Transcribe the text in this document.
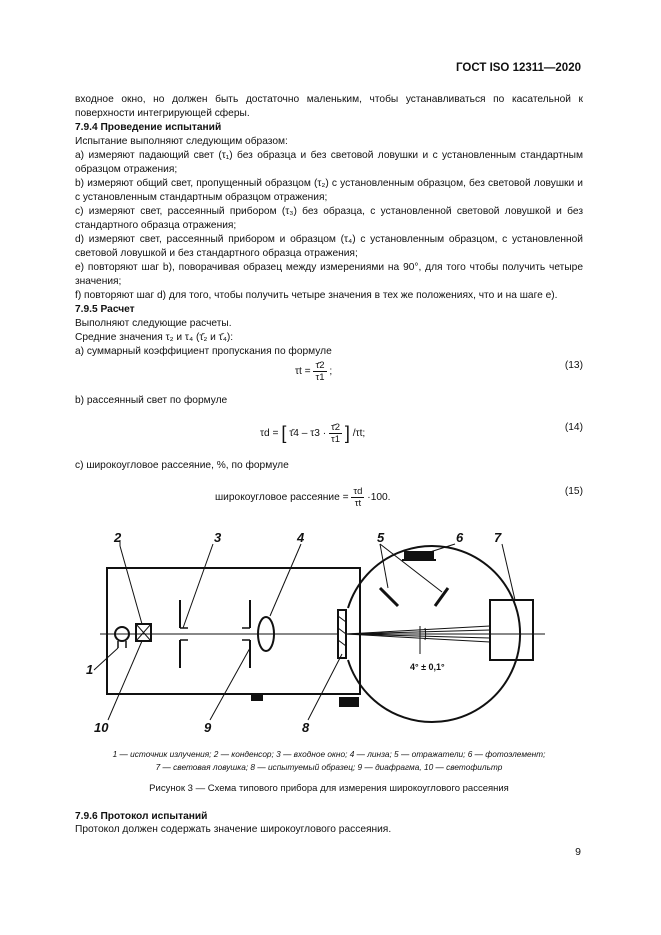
ГОСТ ISO 12311—2020

входное окно, но должен быть достаточно маленьким, чтобы устанавливаться по касательной к поверхности интегрирующей сферы.

7.9.4 Проведение испытаний

Испытание выполняют следующим образом:

а) измеряют падающий свет (τ₁) без образца и без световой ловушки и с установленным стандартным образцом отражения;

b) измеряют общий свет, пропущенный образцом (τ₂) с установленным образцом, без световой ловушки и с установленным стандартным образцом отражения;

c) измеряют свет, рассеянный прибором (τ₃) без образца, с установленной световой ловушкой и без стандартного образца отражения;

d) измеряют свет, рассеянный прибором и образцом (τ₄) с установленным образцом, с установленной световой ловушкой и без стандартного образца отражения;

е) повторяют шаг b), поворачивая образец между измерениями на 90°, для того чтобы получить четыре значения;

f) повторяют шаг d) для того, чтобы получить четыре значения в тех же положениях, что и на шаге е).

7.9.5 Расчет

Выполняют следующие расчеты.

Средние значения τ₂ и τ₄ (τ̄₂ и τ̄₄):

а) суммарный коэффициент пропускания по формуле

$\tau t = \frac{\taū2}{\tau 1}$ ;
(13)
b) рассеянный свет по формуле
τd = [ τ̄4 – $\tau 3 \cdot \frac{\taū2}{\tau 1}$ ] /τt;
(14)
c) широкоугловое рассеяние, %, по формуле
широкоугловое рассеяние = $\frac{\tau d}{\tau t} \cdot 100$.
(15)
2	3	4	5	6 7
1
10	9	8
4° ± 0,1°
1 — источник излучения; 2 — конденсор; 3 — входное окно; 4 — линза; 5 — отражатели; 6 — фотоэлемент;
7 — световая ловушка; 8 — испытуемый образец; 9 — диафрагма, 10 — светофильтр
Рисунок 3 — Схема типового прибора для измерения широкоуглового рассеяния
7.9.6 Протокол испытаний
Протокол должен содержать значение широкоуглового рассеяния.
9
